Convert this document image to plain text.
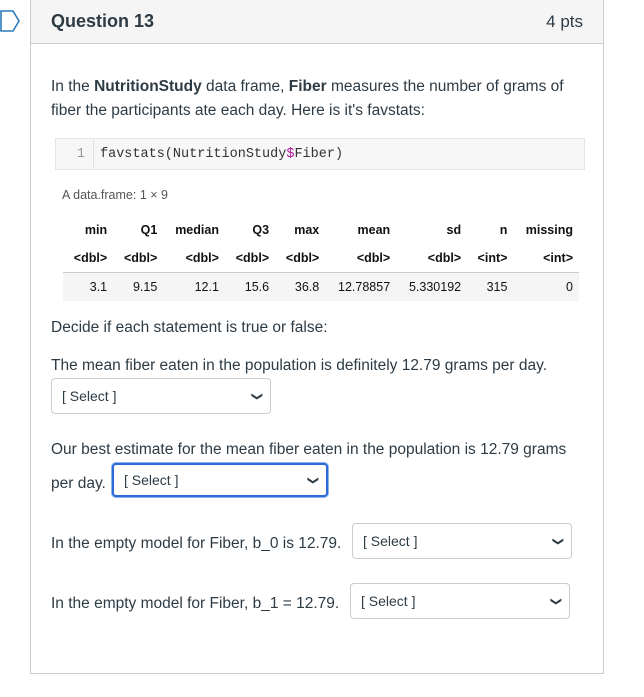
Question 13	4 pts
In the NutritionStudy data frame, Fiber measures the number of grams of fiber the participants ate each day. Here is it's favstats:
1	favstats(NutritionStudy$Fiber)
A data.frame: 1 × 9
min	Q1	median	Q3	max	mean	sd	n	missing
<dbl>	<dbl>	<dbl>	<dbl>	<dbl>	<dbl>	<dbl>	<int>	<int>
3.1	9.15	12.1	15.6	36.8	12.78857	5.330192	315	0
Decide if each statement is true or false:
The mean fiber eaten in the population is definitely 12.79 grams per day.
[ Select ]	❯
Our best estimate for the mean fiber eaten in the population is 12.79 grams per day.	[ Select ]	❯
In the empty model for Fiber, b_0 is 12.79. [ Select ]	❯
In the empty model for Fiber, b_1 = 12.79. [ Select ]	❯
